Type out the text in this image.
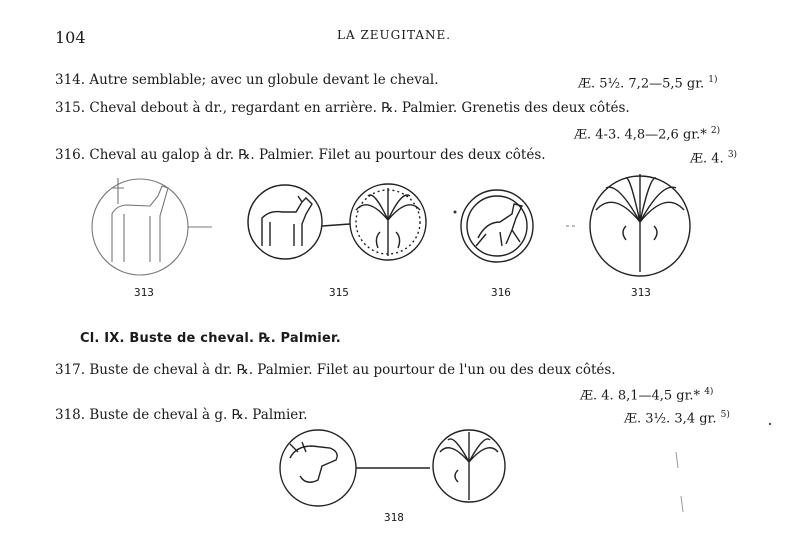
104	LA ZEUGITANE.
314. Autre semblable; avec un globule devant le cheval.	Æ. 5½. 7,2—5,5 gr. $^{1)}$
315. Cheval debout à dr., regardant en arrière. ℞. Palmier. Grenetis des deux côtés.
Æ. 4-3. 4,8—2,6 gr.* $^{2)}$
316. Cheval au galop à dr. ℞. Palmier. Filet au pourtour des deux côtés.	Æ. 4. $^{3)}$
313	315	316	313
Cl. IX. Buste de cheval. ℞. Palmier.
317. Buste de cheval à dr. ℞. Palmier. Filet au pourtour de l'un ou des deux côtés.
Æ. 4. 8,1—4,5 gr.* $^{4)}$
318. Buste de cheval à g. ℞. Palmier.	Æ. 3½. 3,4 gr. $^{5)}$
318
